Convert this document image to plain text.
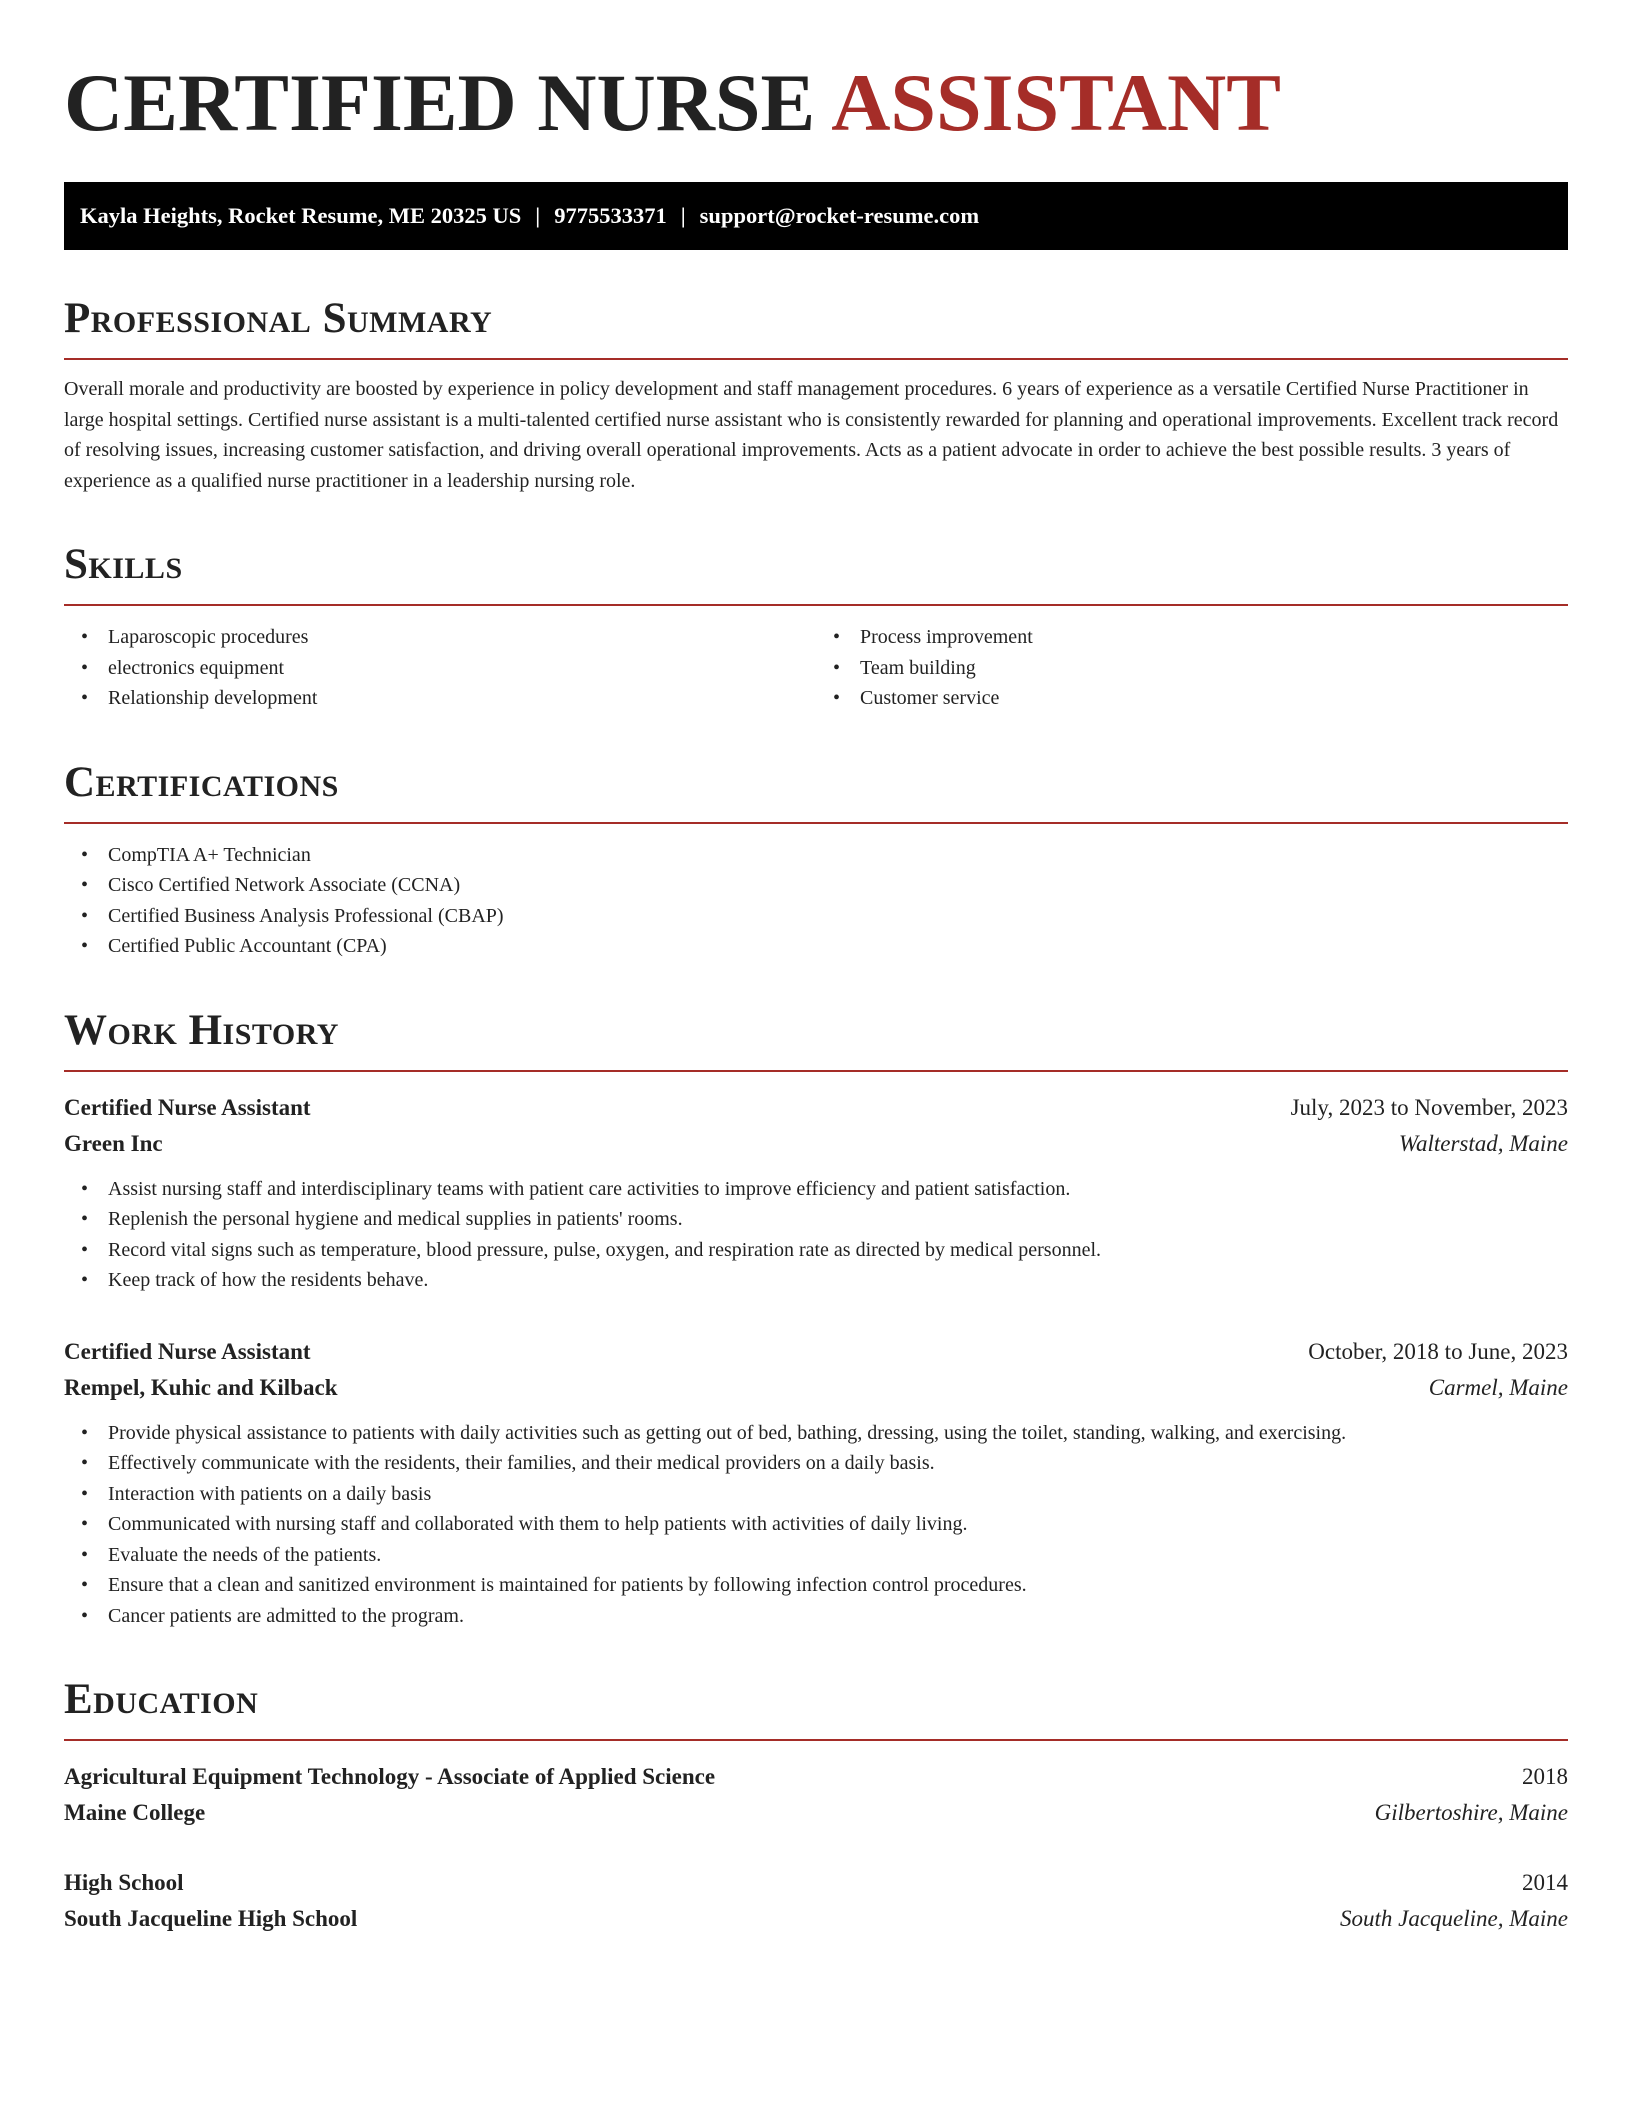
CERTIFIED NURSE ASSISTANT
Kayla Heights, Rocket Resume, ME 20325 US | 9775533371 | support@rocket-resume.com
Professional Summary

Overall morale and productivity are boosted by experience in policy development and staff management procedures. 6 years of experience as a versatile Certified Nurse Practitioner in large hospital settings. Certified nurse assistant is a multi-talented certified nurse assistant who is consistently rewarded for planning and operational improvements. Excellent track record of resolving issues, increasing customer satisfaction, and driving overall operational improvements. Acts as a patient advocate in order to achieve the best possible results. 3 years of experience as a qualified nurse practitioner in a leadership nursing role.

Skills
• Laparoscopic procedures
• electronics equipment
• Relationship development
• Process improvement
• Team building
• Customer service
Certifications
• CompTIA A+ Technician
• Cisco Certified Network Associate (CCNA)
• Certified Business Analysis Professional (CBAP)
• Certified Public Accountant (CPA)
Work History
Certified Nurse Assistant	July, 2023 to November, 2023
Green Inc	Walterstad, Maine
• Assist nursing staff and interdisciplinary teams with patient care activities to improve efficiency and patient satisfaction.
• Replenish the personal hygiene and medical supplies in patients' rooms.
• Record vital signs such as temperature, blood pressure, pulse, oxygen, and respiration rate as directed by medical personnel.
• Keep track of how the residents behave.
Certified Nurse Assistant	October, 2018 to June, 2023
Rempel, Kuhic and Kilback	Carmel, Maine
• Provide physical assistance to patients with daily activities such as getting out of bed, bathing, dressing, using the toilet, standing, walking, and exercising.
• Effectively communicate with the residents, their families, and their medical providers on a daily basis.
• Interaction with patients on a daily basis
• Communicated with nursing staff and collaborated with them to help patients with activities of daily living.
• Evaluate the needs of the patients.
• Ensure that a clean and sanitized environment is maintained for patients by following infection control procedures.
• Cancer patients are admitted to the program.
Education
Agricultural Equipment Technology - Associate of Applied Science	2018
Maine College	Gilbertoshire, Maine
High School	2014
South Jacqueline High School	South Jacqueline, Maine
